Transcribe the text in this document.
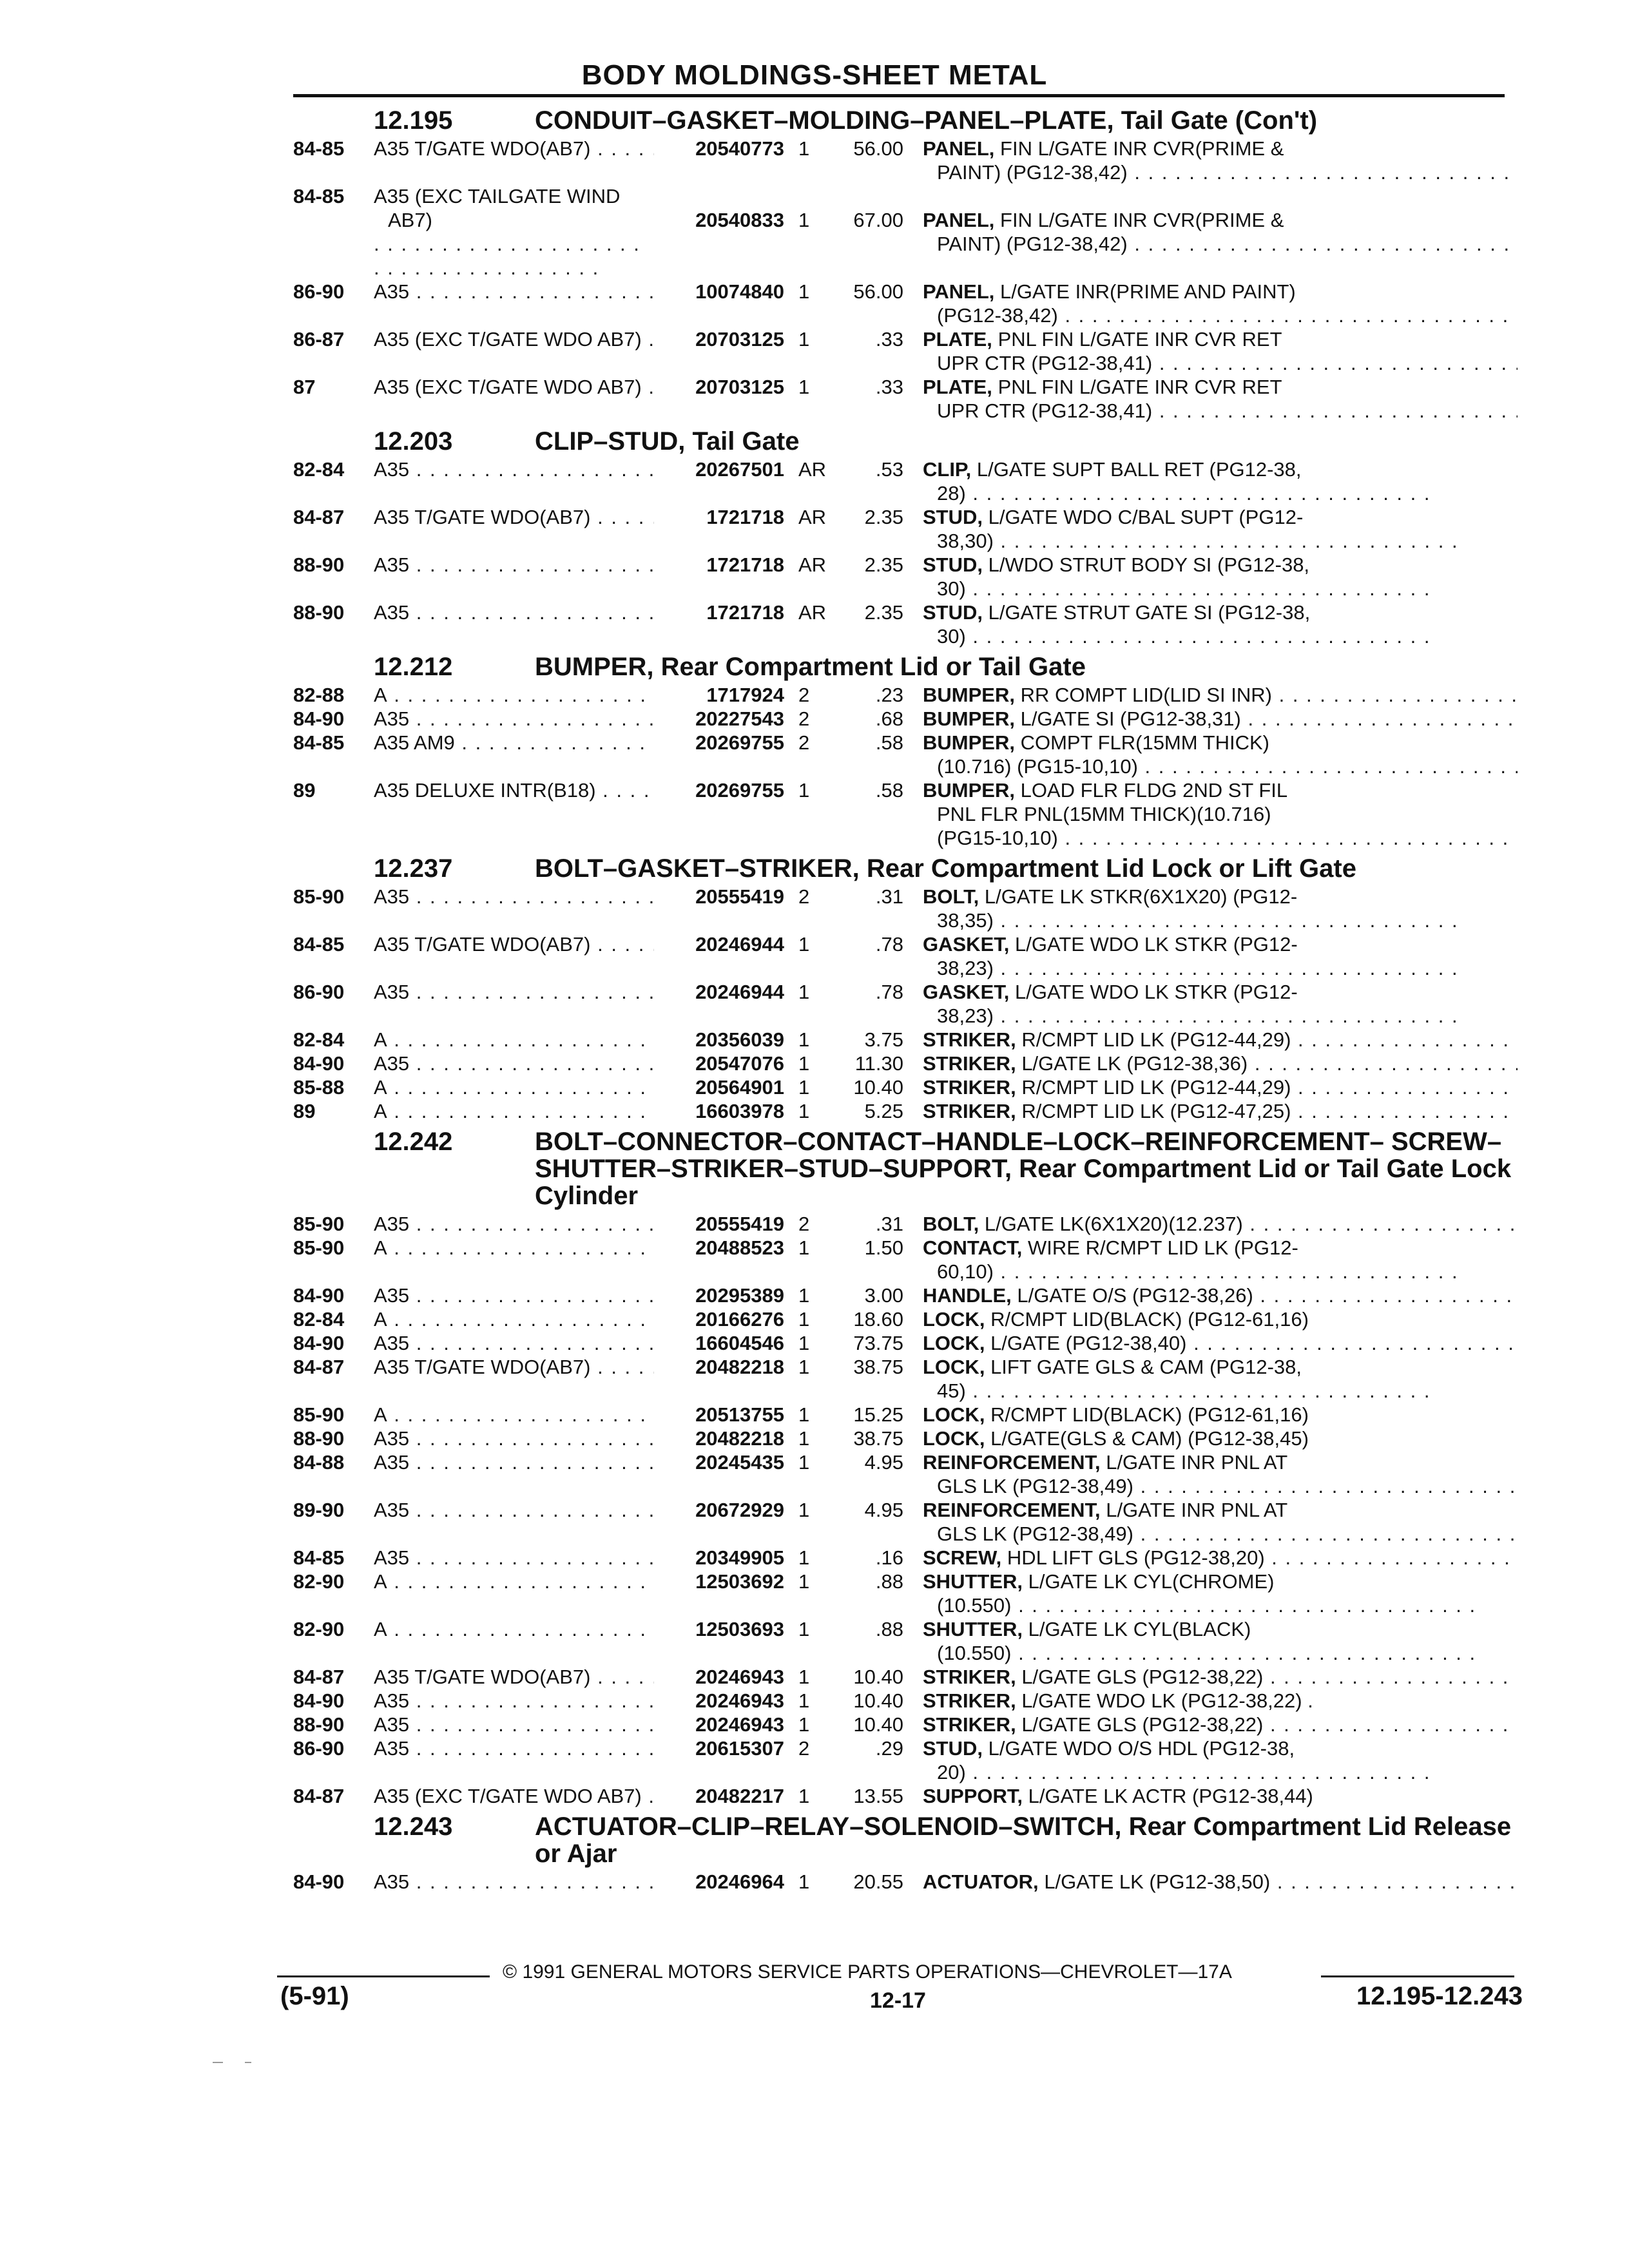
BODY MOLDINGS-SHEET METAL
12.195	CONDUIT–GASKET–MOLDING–PANEL–PLATE, Tail Gate (Con't)
84-85	A35 T/GATE WDO(AB7) . . .	20540773 1	56.00 PANEL, FIN L/GATE INR CVR(PRIME &
PAINT) (PG12-38,42) . . .
84-85	A35 (EXC TAILGATE WIND
AB7)
. . .	20540833 1	67.00 PANEL, FIN L/GATE INR CVR(PRIME &
PAINT) (PG12-38,42) . . .
86-90	A35 . . .	10074840 1	56.00 PANEL, L/GATE INR(PRIME AND PAINT)
(PG12-38,42) . . .
86-87	A35 (EXC T/GATE WDO AB7) . . .	20703125 1	.33 PLATE, PNL FIN L/GATE INR CVR RET
UPR CTR (PG12-38,41) . . .
87	A35 (EXC T/GATE WDO AB7) . . .	20703125 1	.33 PLATE, PNL FIN L/GATE INR CVR RET
UPR CTR (PG12-38,41) . . .
12.203	CLIP–STUD, Tail Gate
82-84	A35 . . .	20267501 AR	.53 CLIP, L/GATE SUPT BALL RET (PG12-38,
28) . . .
84-87	A35 T/GATE WDO(AB7) . . .	1721718 AR	2.35 STUD, L/GATE WDO C/BAL SUPT (PG12-
38,30) . . .
88-90	A35 . . .	1721718 AR	2.35 STUD, L/WDO STRUT BODY SI (PG12-38,
30) . . .
88-90	A35 . . .	1721718 AR	2.35 STUD, L/GATE STRUT GATE SI (PG12-38,
30) . . .
12.212	BUMPER, Rear Compartment Lid or Tail Gate
82-88	A . . .	1717924 2	.23 BUMPER, RR COMPT LID(LID SI INR) . . .
84-90	A35 . . .	20227543 2	.68 BUMPER, L/GATE SI (PG12-38,31) . . .
84-85	A35 AM9 . . .	20269755 2	.58 BUMPER, COMPT FLR(15MM THICK)
(10.716) (PG15-10,10) . . .
89	A35 DELUXE INTR(B18) . . .	20269755 1	.58 BUMPER, LOAD FLR FLDG 2ND ST FIL
PNL FLR PNL(15MM THICK)(10.716)
(PG15-10,10) . . .
12.237	BOLT–GASKET–STRIKER, Rear Compartment Lid Lock or Lift Gate
85-90	A35 . . .	20555419 2	.31 BOLT, L/GATE LK STKR(6X1X20) (PG12-
38,35) . . .
84-85	A35 T/GATE WDO(AB7) . . .	20246944 1	.78 GASKET, L/GATE WDO LK STKR (PG12-
38,23) . . .
86-90	A35 . . .	20246944 1	.78 GASKET, L/GATE WDO LK STKR (PG12-
38,23) . . .
82-84	A . . .	20356039 1	3.75 STRIKER, R/CMPT LID LK (PG12-44,29) . . .
84-90	A35 . . .	20547076 1	11.30 STRIKER, L/GATE LK (PG12-38,36) . . .
85-88	A . . .	20564901 1	10.40 STRIKER, R/CMPT LID LK (PG12-44,29) . . .
89	A . . .	16603978 1	5.25 STRIKER, R/CMPT LID LK (PG12-47,25) . . .
12.242	BOLT–CONNECTOR–CONTACT–HANDLE–LOCK–REINFORCEMENT– SCREW–SHUTTER–STRIKER–STUD–SUPPORT, Rear Compartment Lid or Tail Gate Lock Cylinder
85-90	A35 . . .	20555419 2	.31 BOLT, L/GATE LK(6X1X20)(12.237) . . .
85-90	A . . .	20488523 1	1.50 CONTACT, WIRE R/CMPT LID LK (PG12-
60,10) . . .
84-90	A35 . . .	20295389 1	3.00 HANDLE, L/GATE O/S (PG12-38,26) . . .
82-84	A . . .	20166276 1	18.60 LOCK, R/CMPT LID(BLACK) (PG12-61,16)
84-90	A35 . . .	16604546 1	73.75 LOCK, L/GATE (PG12-38,40) . . .
84-87	A35 T/GATE WDO(AB7) . . .	20482218 1	38.75 LOCK, LIFT GATE GLS & CAM (PG12-38,
45) . . .
85-90	A . . .	20513755 1	15.25 LOCK, R/CMPT LID(BLACK) (PG12-61,16)
88-90	A35 . . .	20482218 1	38.75 LOCK, L/GATE(GLS & CAM) (PG12-38,45)
84-88	A35 . . .	20245435 1	4.95 REINFORCEMENT, L/GATE INR PNL AT
GLS LK (PG12-38,49) . . .
89-90	A35 . . .	20672929 1	4.95 REINFORCEMENT, L/GATE INR PNL AT
GLS LK (PG12-38,49) . . .
84-85	A35 . . .	20349905 1	.16 SCREW, HDL LIFT GLS (PG12-38,20) . . .
82-90	A . . .	12503692 1	.88 SHUTTER, L/GATE LK CYL(CHROME)
(10.550) . . .
82-90	A . . .	12503693 1	.88 SHUTTER, L/GATE LK CYL(BLACK)
(10.550) . . .
84-87	A35 T/GATE WDO(AB7) . . .	20246943 1	10.40 STRIKER, L/GATE GLS (PG12-38,22) . . .
84-90	A35 . . .	20246943 1	10.40 STRIKER, L/GATE WDO LK (PG12-38,22) .
88-90	A35 . . .	20246943 1	10.40 STRIKER, L/GATE GLS (PG12-38,22) . . .
86-90	A35 . . .	20615307 2	.29 STUD, L/GATE WDO O/S HDL (PG12-38,
20) . . .
84-87	A35 (EXC T/GATE WDO AB7) . . .	20482217 1	13.55 SUPPORT, L/GATE LK ACTR (PG12-38,44)
12.243	ACTUATOR–CLIP–RELAY–SOLENOID–SWITCH, Rear Compartment Lid Release or Ajar
84-90	A35 . . .	20246964 1	20.55 ACTUATOR, L/GATE LK (PG12-38,50) . . .
© 1991 GENERAL MOTORS SERVICE PARTS OPERATIONS—CHEVROLET—17A
(5-91)	12-17	12.195-12.243
